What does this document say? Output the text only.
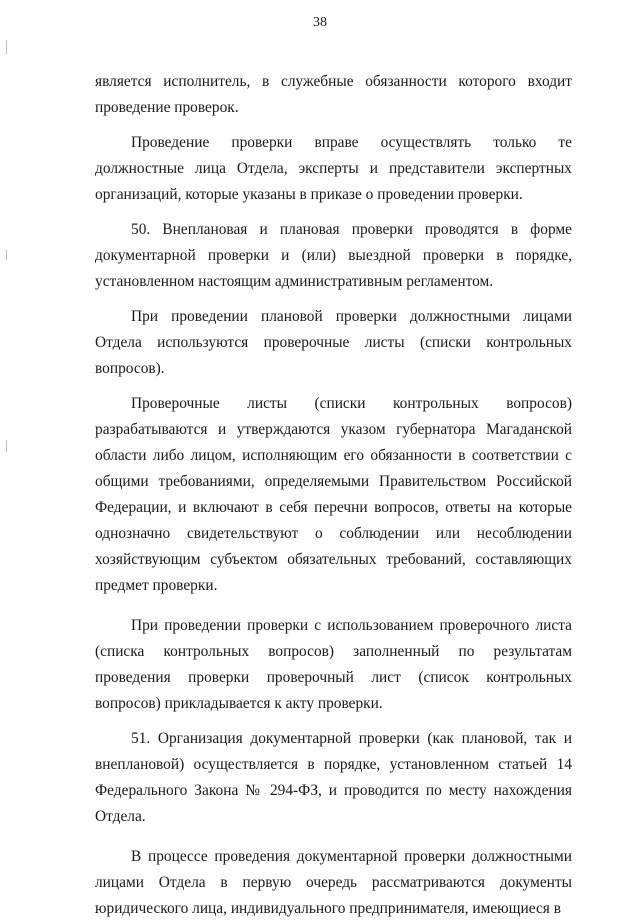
38

является исполнитель, в служебные обязанности которого входит проведение проверок.

Проведение проверки вправе осуществлять только те должностные лица Отдела, эксперты и представители экспертных организаций, которые указаны в приказе о проведении проверки.

50. Внеплановая и плановая проверки проводятся в форме документарной проверки и (или) выездной проверки в порядке, установленном настоящим административным регламентом.

При проведении плановой проверки должностными лицами Отдела используются проверочные листы (списки контрольных вопросов).

Проверочные листы (списки контрольных вопросов) разрабатываются и утверждаются указом губернатора Магаданской области либо лицом, исполняющим его обязанности в соответствии с общими требованиями, определяемыми Правительством Российской Федерации, и включают в себя перечни вопросов, ответы на которые однозначно свидетельствуют о соблюдении или несоблюдении хозяйствующим субъектом обязательных требований, составляющих предмет проверки.

При проведении проверки с использованием проверочного листа (списка контрольных вопросов) заполненный по результатам проведения проверки проверочный лист (список контрольных вопросов) прикладывается к акту проверки.

51. Организация документарной проверки (как плановой, так и внеплановой) осуществляется в порядке, установленном статьей 14 Федерального Закона № 294-ФЗ, и проводится по месту нахождения Отдела.

В процессе проведения документарной проверки должностными лицами Отдела в первую очередь рассматриваются документы юридического лица, индивидуального предпринимателя, имеющиеся в
